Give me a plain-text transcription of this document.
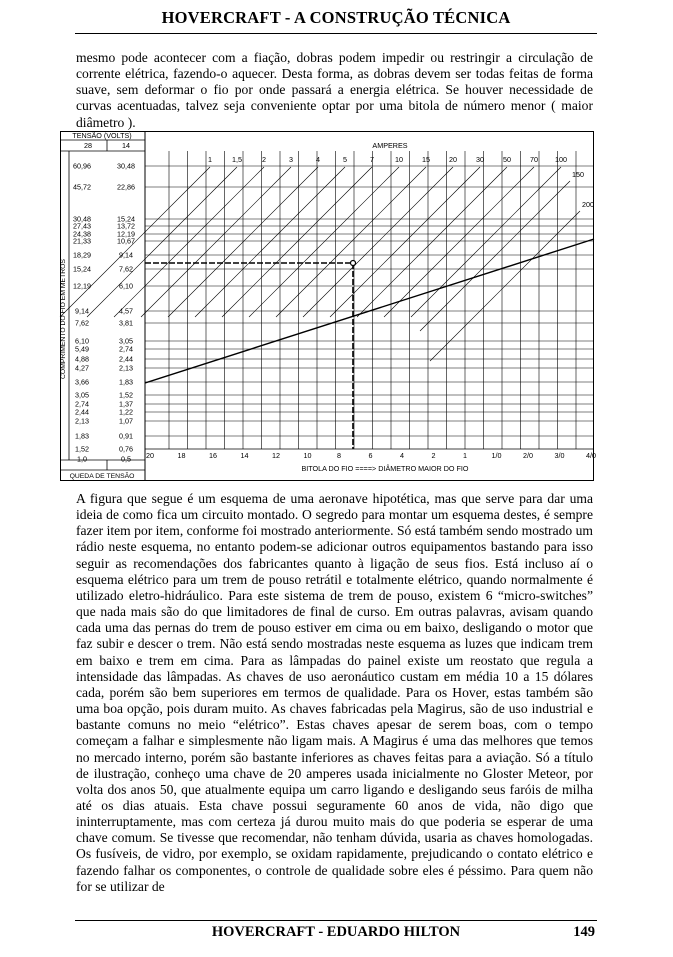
HOVERCRAFT - A CONSTRUÇÃO TÉCNICA
mesmo pode acontecer com a fiação, dobras podem impedir ou restringir a circulação de corrente elétrica, fazendo-o aquecer. Desta forma, as dobras devem ser todas feitas de forma suave, sem deformar o fio por onde passará a energia elétrica. Se houver necessidade de curvas acentuadas, talvez seja conveniente optar por uma bitola de número menor ( maior diâmetro ).
60,96	30,48
45,72	22,86
30,48	15,24
27,43	13,72
24,38	12,19
21,33	10,67
18,29	9,14
15,24	7,62
12,19	6,10
9,14	4,57
7,62	3,81
6,10	3,05
5,49	2,74
4,88	2,44
4,27	2,13
3,66	1,83
3,05	1,52
2,74	1,37
2,44	1,22
2,13	1,07
1,83	0,91
1,52	0,76
1,0	0,5
TENSÃO (VOLTS)
28	14
QUEDA DE TENSÃO
COMPRIMENTO DO FIO EM METROS
AMPERES
BITOLA DO FIO ====> DIÂMETRO MAIOR DO FIO
20	18	16	14	12	10	8	6	4	2	1	1/0	2/0	3/0	4/0
1	1,5	2	3	4	5	7	10	15	20	30	50	70 100
150
200
A figura que segue é um esquema de uma aeronave hipotética, mas que serve para dar uma ideia de como fica um circuito montado. O segredo para montar um esquema destes, é sempre fazer item por item, conforme foi mostrado anteriormente. Só está também sendo mostrado um rádio neste esquema, no entanto podem-se adicionar outros equipamentos bastando para isso seguir as recomendações dos fabricantes quanto à ligação de seus fios. Está incluso aí o esquema elétrico para um trem de pouso retrátil e totalmente elétrico, quando normalmente é utilizado eletro-hidráulico. Para este sistema de trem de pouso, existem 6 “micro-switches” que nada mais são do que limitadores de final de curso. Em outras palavras, avisam quando cada uma das pernas do trem de pouso estiver em cima ou em baixo, desligando o motor que faz subir e descer o trem. Não está sendo mostradas neste esquema as luzes que indicam trem em baixo e trem em cima. Para as lâmpadas do painel existe um reostato que regula a intensidade das lâmpadas. As chaves de uso aeronáutico custam em média 10 a 15 dólares cada, porém são bem superiores em termos de qualidade. Para os Hover, estas também são uma boa opção, pois duram muito. As chaves fabricadas pela Magirus, são de uso industrial e bastante comuns no meio “elétrico”. Estas chaves apesar de serem boas, com o tempo começam a falhar e simplesmente não ligam mais. A Magirus é uma das melhores que temos no mercado interno, porém são bastante inferiores as chaves feitas para a aviação. Só a título de ilustração, conheço uma chave de 20 amperes usada inicialmente no Gloster Meteor, por volta dos anos 50, que atualmente equipa um carro ligando e desligando seus faróis de milha até os dias atuais. Esta chave possui seguramente 60 anos de vida, não digo que ininterruptamente, mas com certeza já durou muito mais do que poderia se esperar de uma chave comum. Se tivesse que recomendar, não tenham dúvida, usaria as chaves homologadas. Os fusíveis, de vidro, por exemplo, se oxidam rapidamente, prejudicando o contato elétrico e fazendo falhar os componentes, o controle de qualidade sobre eles é péssimo. Para quem não for se utilizar de
HOVERCRAFT - EDUARDO HILTON	149
